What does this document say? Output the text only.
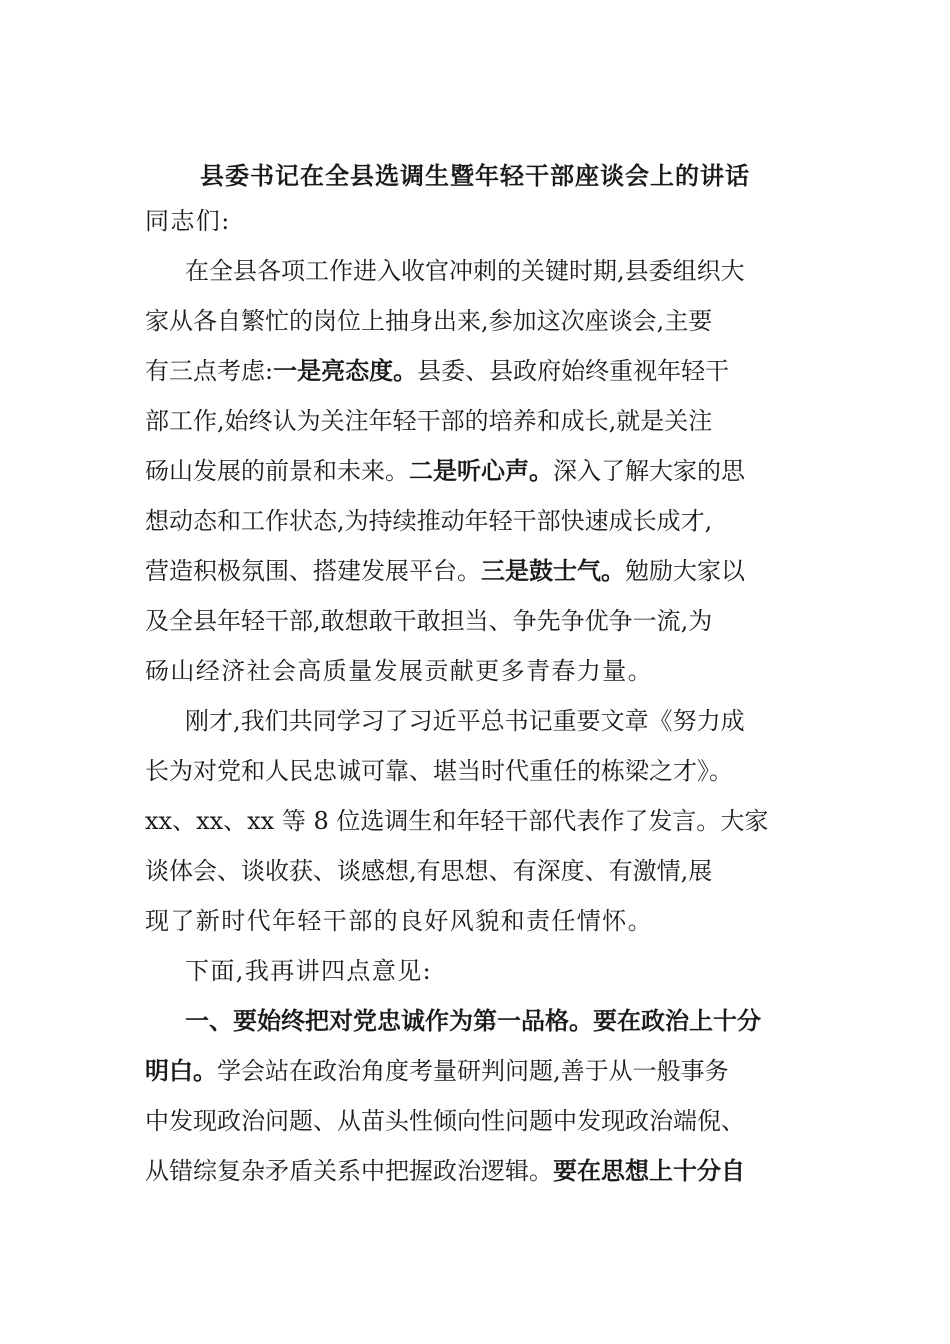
县委书记在全县选调生暨年轻干部座谈会上的讲话
同志们:
在全县各项工作进入收官冲刺的关键时期,县委组织大
家从各自繁忙的岗位上抽身出来,参加这次座谈会,主要
有三点考虑:一是亮态度。县委、县政府始终重视年轻干
部工作,始终认为关注年轻干部的培养和成长,就是关注
砀山发展的前景和未来。二是听心声。深入了解大家的思
想动态和工作状态,为持续推动年轻干部快速成长成才,
营造积极氛围、搭建发展平台。三是鼓士气。勉励大家以
及全县年轻干部,敢想敢干敢担当、争先争优争一流,为
砀山经济社会高质量发展贡献更多青春力量。
刚才,我们共同学习了习近平总书记重要文章《努力成
长为对党和人民忠诚可靠、堪当时代重任的栋梁之才》。
xx、xx、xx 等 8 位选调生和年轻干部代表作了发言。大家
谈体会、谈收获、谈感想,有思想、有深度、有激情,展
现了新时代年轻干部的良好风貌和责任情怀。
下面,我再讲四点意见:
一、要始终把对党忠诚作为第一品格。要在政治上十分
明白。学会站在政治角度考量研判问题,善于从一般事务
中发现政治问题、从苗头性倾向性问题中发现政治端倪、
从错综复杂矛盾关系中把握政治逻辑。要在思想上十分自
